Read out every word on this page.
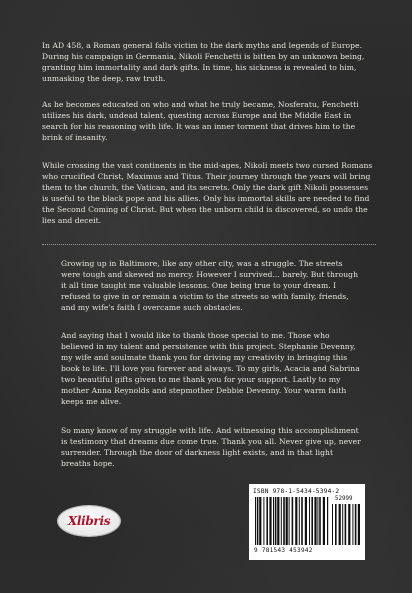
In AD 458, a Roman general falls victim to the dark myths and legends of Europe. During his campaign in Germania, Nikoli Fenchetti is bitten by an unknown being, granting him immortality and dark gifts. In time, his sickness is revealed to him, unmasking the deep, raw truth.

As he becomes educated on who and what he truly became, Nosferatu, Fenchetti utilizes his dark, undead talent, questing across Europe and the Middle East in search for his reasoning with life. It was an inner torment that drives him to the brink of insanity.

While crossing the vast continents in the mid-ages, Nikoli meets two cursed Romans who crucified Christ, Maximus and Titus. Their journey through the years will bring them to the church, the Vatican, and its secrets. Only the dark gift Nikoli possesses is useful to the black pope and his allies. Only his immortal skills are needed to find the Second Coming of Christ. But when the unborn child is discovered, so undo the lies and deceit.

Growing up in Baltimore, like any other city, was a struggle. The streets were tough and skewed no mercy. However I survived... barely. But through it all time taught me valuable lessons. One being true to your dream. I refused to give in or remain a victim to the streets so with family, friends, and my wife's faith I overcame such obstacles.

And saying that I would like to thank those special to me. Those who believed in my talent and persistence with this project. Stephanie Devenny, my wife and soulmate thank you for driving my creativity in bringing this book to life. I'll love you forever and always. To my girls, Acacia and Sabrina two beautiful gifts given to me thank you for your support. Lastly to my mother Anna Reynolds and stepmother Debbie Devenny. Your warm faith keeps me alive.

So many know of my struggle with life. And witnessing this accomplishment is testimony that dreams due come true. Thank you all. Never give up, never surrender. Through the door of darkness light exists, and in that light breaths hope.

Xlibris
ISBN 978-1-5434-5394-2
52999
9 781543 453942
